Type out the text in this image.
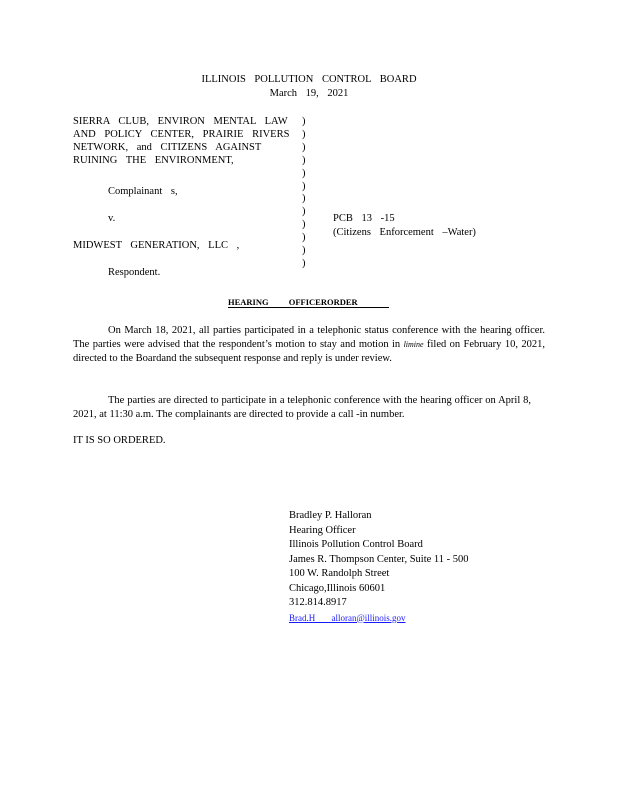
ILLINOIS POLLUTION CONTROL BOARD
March 19, 2021
SIERRA CLUB, ENVIRON MENTAL LAW
AND POLICY CENTER, PRAIRIE RIVERS
NETWORK, and CITIZENS AGAINST
RUINING THE ENVIRONMENT,
Complainant s,
v.
MIDWEST GENERATION, LLC ,
Respondent.
)
)
)
)
)
)
)
)
)
)
)
)
PCB 13 -15
(Citizens Enforcement –Water)
HEARING OFFICERORDER

On March 18, 2021, all parties participated in a telephonic status conference with the hearing officer. The parties were advised that the respondent’s motion to stay and motion in limine filed on February 10, 2021, directed to the Boardand the subsequent response and reply is under review.

The parties are directed to participate in a telephonic conference with the hearing officer on April 8, 2021, at 11:30 a.m. The complainants are directed to provide a call -in number.

IT IS SO ORDERED.
Bradley P. Halloran
Hearing Officer
Illinois Pollution Control Board
James R. Thompson Center, Suite 11 - 500
100 W. Randolph Street
Chicago,Illinois 60601
312.814.8917
Brad.H alloran@illinois.gov
